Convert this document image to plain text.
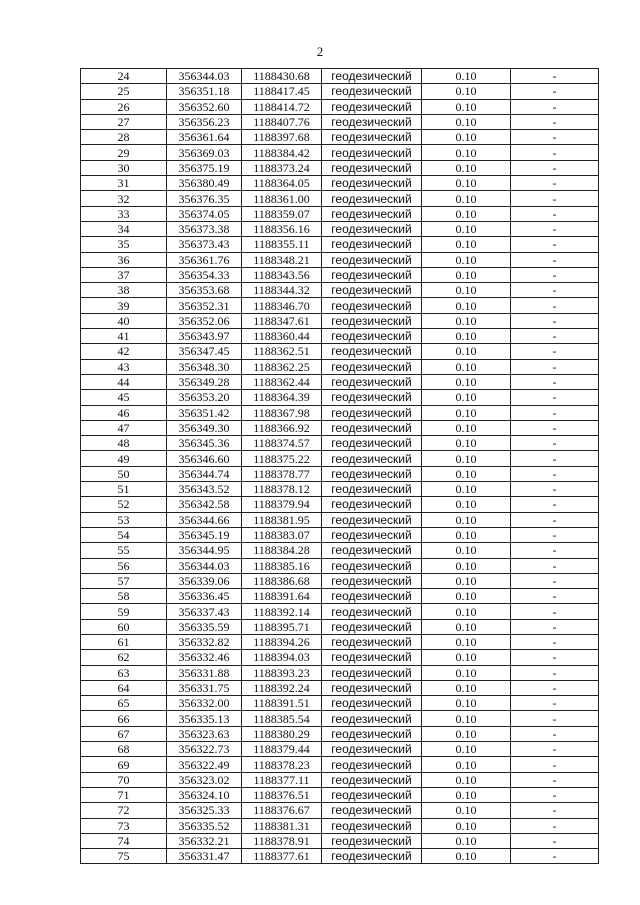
2
24	356344.03	1188430.68	геодезический	0.10	-
25	356351.18	1188417.45	геодезический	0.10	-
26	356352.60	1188414.72	геодезический	0.10	-
27	356356.23	1188407.76	геодезический	0.10	-
28	356361.64	1188397.68	геодезический	0.10	-
29	356369.03	1188384.42	геодезический	0.10	-
30	356375.19	1188373.24	геодезический	0.10	-
31	356380.49	1188364.05	геодезический	0.10	-
32	356376.35	1188361.00	геодезический	0.10	-
33	356374.05	1188359.07	геодезический	0.10	-
34	356373.38	1188356.16	геодезический	0.10	-
35	356373.43	1188355.11	геодезический	0.10	-
36	356361.76	1188348.21	геодезический	0.10	-
37	356354.33	1188343.56	геодезический	0.10	-
38	356353.68	1188344.32	геодезический	0.10	-
39	356352.31	1188346.70	геодезический	0.10	-
40	356352.06	1188347.61	геодезический	0.10	-
41	356343.97	1188360.44	геодезический	0.10	-
42	356347.45	1188362.51	геодезический	0.10	-
43	356348.30	1188362.25	геодезический	0.10	-
44	356349.28	1188362.44	геодезический	0.10	-
45	356353.20	1188364.39	геодезический	0.10	-
46	356351.42	1188367.98	геодезический	0.10	-
47	356349.30	1188366.92	геодезический	0.10	-
48	356345.36	1188374.57	геодезический	0.10	-
49	356346.60	1188375.22	геодезический	0.10	-
50	356344.74	1188378.77	геодезический	0.10	-
51	356343.52	1188378.12	геодезический	0.10	-
52	356342.58	1188379.94	геодезический	0.10	-
53	356344.66	1188381.95	геодезический	0.10	-
54	356345.19	1188383.07	геодезический	0.10	-
55	356344.95	1188384.28	геодезический	0.10	-
56	356344.03	1188385.16	геодезический	0.10	-
57	356339.06	1188386.68	геодезический	0.10	-
58	356336.45	1188391.64	геодезический	0.10	-
59	356337.43	1188392.14	геодезический	0.10	-
60	356335.59	1188395.71	геодезический	0.10	-
61	356332.82	1188394.26	геодезический	0.10	-
62	356332.46	1188394.03	геодезический	0.10	-
63	356331.88	1188393.23	геодезический	0.10	-
64	356331.75	1188392.24	геодезический	0.10	-
65	356332.00	1188391.51	геодезический	0.10	-
66	356335.13	1188385.54	геодезический	0.10	-
67	356323.63	1188380.29	геодезический	0.10	-
68	356322.73	1188379.44	геодезический	0.10	-
69	356322.49	1188378.23	геодезический	0.10	-
70	356323.02	1188377.11	геодезический	0.10	-
71	356324.10	1188376.51	геодезический	0.10	-
72	356325.33	1188376.67	геодезический	0.10	-
73	356335.52	1188381.31	геодезический	0.10	-
74	356332.21	1188378.91	геодезический	0.10	-
75	356331.47	1188377.61	геодезический	0.10	-
